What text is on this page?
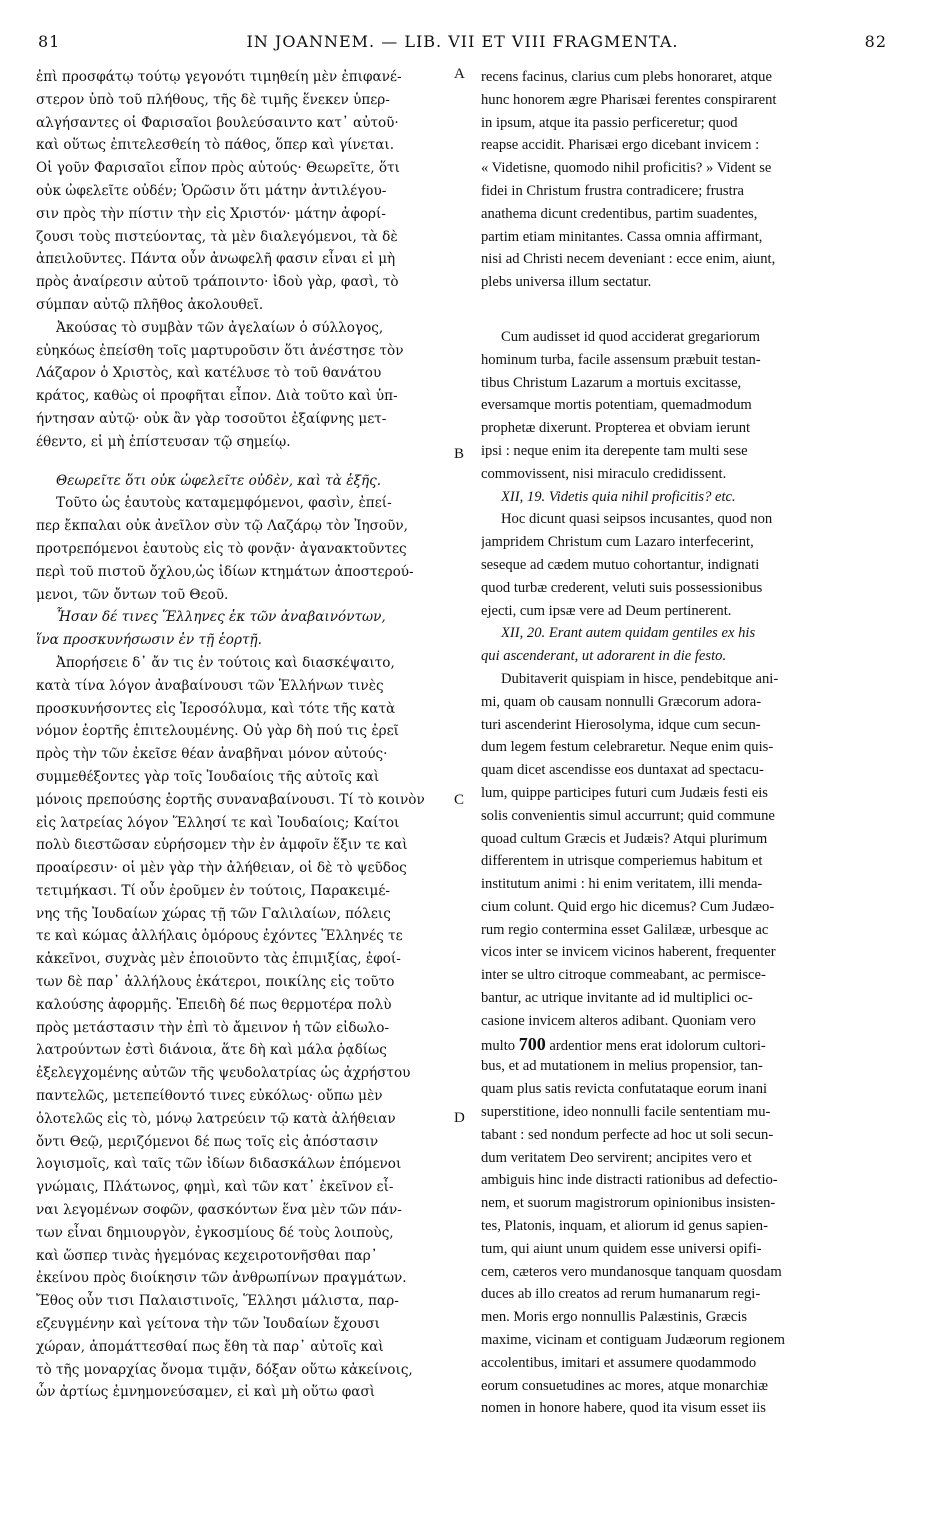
81	IN JOANNEM. — LIB. VII ET VIII FRAGMENTA.	82

ἐπὶ προσφάτῳ τούτῳ γεγονότι τιμηθείη μὲν ἐπιφανέ-

στερον ὑπὸ τοῦ πλήθους, τῆς δὲ τιμῆς ἕνεκεν ὑπερ-

αλγήσαντες οἱ Φαρισαῖοι βουλεύσαιντο κατ᾽ αὐτοῦ·

καὶ οὕτως ἐπιτελεσθείη τὸ πάθος, ὅπερ καὶ γίνεται.

Οἱ γοῦν Φαρισαῖοι εἶπον πρὸς αὑτούς· Θεωρεῖτε, ὅτι

οὐκ ὠφελεῖτε οὐδέν; Ὁρῶσιν ὅτι μάτην ἀντιλέγου-

σιν πρὸς τὴν πίστιν τὴν εἰς Χριστόν· μάτην ἀφορί-

ζουσι τοὺς πιστεύοντας, τὰ μὲν διαλεγόμενοι, τὰ δὲ

ἀπειλοῦντες. Πάντα οὖν ἀνωφελῆ φασιν εἶναι εἰ μὴ

πρὸς ἀναίρεσιν αὐτοῦ τράποιντο· ἰδοὺ γὰρ, φασὶ, τὸ

σύμπαν αὐτῷ πλῆθος ἀκολουθεῖ.

Ἀκούσας τὸ συμβὰν τῶν ἀγελαίων ὁ σύλλογος,

εὐηκόως ἐπείσθη τοῖς μαρτυροῦσιν ὅτι ἀνέστησε τὸν

Λάζαρον ὁ Χριστὸς, καὶ κατέλυσε τὸ τοῦ θανάτου

κράτος, καθὼς οἱ προφῆται εἶπον. Διὰ τοῦτο καὶ ὑπ-

ήντησαν αὐτῷ· οὐκ ἂν γὰρ τοσοῦτοι ἐξαίφνης μετ-

έθεντο, εἰ μὴ ἐπίστευσαν τῷ σημείῳ.

Θεωρεῖτε ὅτι οὐκ ὠφελεῖτε οὐδὲν, καὶ τὰ ἑξῆς.

Τοῦτο ὡς ἑαυτοὺς καταμεμφόμενοι, φασὶν, ἐπεί-

περ ἔκπαλαι οὐκ ἀνεῖλον σὺν τῷ Λαζάρῳ τὸν Ἰησοῦν,

προτρεπόμενοι ἑαυτοὺς εἰς τὸ φονᾷν· ἀγανακτοῦντες

περὶ τοῦ πιστοῦ ὄχλου,ὡς ἰδίων κτημάτων ἀποστερού-

μενοι, τῶν ὄντων τοῦ Θεοῦ.

Ἦσαν δέ τινες Ἕλληνες ἐκ τῶν ἀναβαινόντων,

ἵνα προσκυνήσωσιν ἐν τῇ ἑορτῇ.

Ἀπορήσειε δ᾽ ἄν τις ἐν τούτοις καὶ διασκέψαιτο,

κατὰ τίνα λόγον ἀναβαίνουσι τῶν Ἑλλήνων τινὲς

προσκυνήσοντες εἰς Ἱεροσόλυμα, καὶ τότε τῆς κατὰ

νόμον ἑορτῆς ἐπιτελουμένης. Οὐ γὰρ δὴ πού τις ἐρεῖ

πρὸς τὴν τῶν ἐκεῖσε θέαν ἀναβῆναι μόνον αὐτούς·

συμμεθέξοντες γὰρ τοῖς Ἰουδαίοις τῆς αὐτοῖς καὶ

μόνοις πρεπούσης ἑορτῆς συναναβαίνουσι. Τί τὸ κοινὸν

εἰς λατρείας λόγον Ἕλλησί τε καὶ Ἰουδαίοις; Καίτοι

πολὺ διεστῶσαν εὑρήσομεν τὴν ἐν ἀμφοῖν ἕξιν τε καὶ

προαίρεσιν· οἱ μὲν γὰρ τὴν ἀλήθειαν, οἱ δὲ τὸ ψεῦδος

τετιμήκασι. Τί οὖν ἐροῦμεν ἐν τούτοις, Παρακειμέ-

νης τῆς Ἰουδαίων χώρας τῇ τῶν Γαλιλαίων, πόλεις

τε καὶ κώμας ἀλλήλαις ὁμόρους ἐχόντες Ἕλληνές τε

κἀκεῖνοι, συχνὰς μὲν ἐποιοῦντο τὰς ἐπιμιξίας, ἐφοί-

των δὲ παρ᾽ ἀλλήλους ἑκάτεροι, ποικίλης εἰς τοῦτο

καλούσης ἀφορμῆς. Ἐπειδὴ δέ πως θερμοτέρα πολὺ

πρὸς μετάστασιν τὴν ἐπὶ τὸ ἄμεινον ἡ τῶν εἰδωλο-

λατρούντων ἐστὶ διάνοια, ἅτε δὴ καὶ μάλα ῥᾳδίως

ἐξελεγχομένης αὐτῶν τῆς ψευδολατρίας ὡς ἀχρήστου

παντελῶς, μετεπείθοντό τινες εὐκόλως· οὔπω μὲν

ὁλοτελῶς εἰς τὸ, μόνῳ λατρεύειν τῷ κατὰ ἀλήθειαν

ὄντι Θεῷ, μεριζόμενοι δέ πως τοῖς εἰς ἀπόστασιν

λογισμοῖς, καὶ ταῖς τῶν ἰδίων διδασκάλων ἑπόμενοι

γνώμαις, Πλάτωνος, φημὶ, καὶ τῶν κατ᾽ ἐκεῖνον εἶ-

ναι λεγομένων σοφῶν, φασκόντων ἕνα μὲν τῶν πάν-

των εἶναι δημιουργὸν, ἐγκοσμίους δέ τοὺς λοιποὺς,

καὶ ὥσπερ τινὰς ἡγεμόνας κεχειροτονῆσθαι παρ᾽

ἐκείνου πρὸς διοίκησιν τῶν ἀνθρωπίνων πραγμάτων.

Ἔθος οὖν τισι Παλαιστινοῖς, Ἕλλησι μάλιστα, παρ-

εζευγμένην καὶ γείτονα τὴν τῶν Ἰουδαίων ἔχουσι

χώραν, ἀπομάττεσθαί πως ἔθη τὰ παρ᾽ αὐτοῖς καὶ

τὸ τῆς μοναρχίας ὄνομα τιμᾷν, δόξαν οὕτω κἀκείνοις,

ὧν ἀρτίως ἐμνημονεύσαμεν, εἰ καὶ μὴ οὕτω φασὶ

A
B
C
D

recens facinus, clarius cum plebs honoraret, atque

hunc honorem ægre Pharisæi ferentes conspirarent

in ipsum, atque ita passio perficeretur; quod

reapse accidit. Pharisæi ergo dicebant invicem :

« Videtisne, quomodo nihil proficitis? » Vident se

fidei in Christum frustra contradicere; frustra

anathema dicunt credentibus, partim suadentes,

partim etiam minitantes. Cassa omnia affirmant,

nisi ad Christi necem deveniant : ecce enim, aiunt,

plebs universa illum sectatur.

Cum audisset id quod acciderat gregariorum

hominum turba, facile assensum præbuit testan-

tibus Christum Lazarum a mortuis excitasse,

eversamque mortis potentiam, quemadmodum

prophetæ dixerunt. Propterea et obviam ierunt

ipsi : neque enim ita derepente tam multi sese

commovissent, nisi miraculo credidissent.

XII, 19. Videtis quia nihil proficitis? etc.

Hoc dicunt quasi seipsos incusantes, quod non

jampridem Christum cum Lazaro interfecerint,

seseque ad cædem mutuo cohortantur, indignati

quod turbæ crederent, veluti suis possessionibus

ejecti, cum ipsæ vere ad Deum pertinerent.

XII, 20. Erant autem quidam gentiles ex his

qui ascenderant, ut adorarent in die festo.

Dubitaverit quispiam in hisce, pendebitque ani-

mi, quam ob causam nonnulli Græcorum adora-

turi ascenderint Hierosolyma, idque cum secun-

dum legem festum celebraretur. Neque enim quis-

quam dicet ascendisse eos duntaxat ad spectacu-

lum, quippe participes futuri cum Judæis festi eis

solis convenientis simul accurrunt; quid commune

quoad cultum Græcis et Judæis? Atqui plurimum

differentem in utrisque comperiemus habitum et

institutum animi : hi enim veritatem, illi menda-

cium colunt. Quid ergo hic dicemus? Cum Judæo-

rum regio contermina esset Galilææ, urbesque ac

vicos inter se invicem vicinos haberent, frequenter

inter se ultro citroque commeabant, ac permisce-

bantur, ac utrique invitante ad id multiplici oc-

casione invicem alteros adibant. Quoniam vero

multo 700 ardentior mens erat idolorum cultori-

bus, et ad mutationem in melius propensior, tan-

quam plus satis revicta confutataque eorum inani

superstitione, ideo nonnulli facile sententiam mu-

tabant : sed nondum perfecte ad hoc ut soli secun-

dum veritatem Deo servirent; ancipites vero et

ambiguis hinc inde distracti rationibus ad defectio-

nem, et suorum magistrorum opinionibus insisten-

tes, Platonis, inquam, et aliorum id genus sapien-

tum, qui aiunt unum quidem esse universi opifi-

cem, cæteros vero mundanosque tanquam quosdam

duces ab illo creatos ad rerum humanarum regi-

men. Moris ergo nonnullis Palæstinis, Græcis

maxime, vicinam et contiguam Judæorum regionem

accolentibus, imitari et assumere quodammodo

eorum consuetudines ac mores, atque monarchiæ

nomen in honore habere, quod ita visum esset iis
